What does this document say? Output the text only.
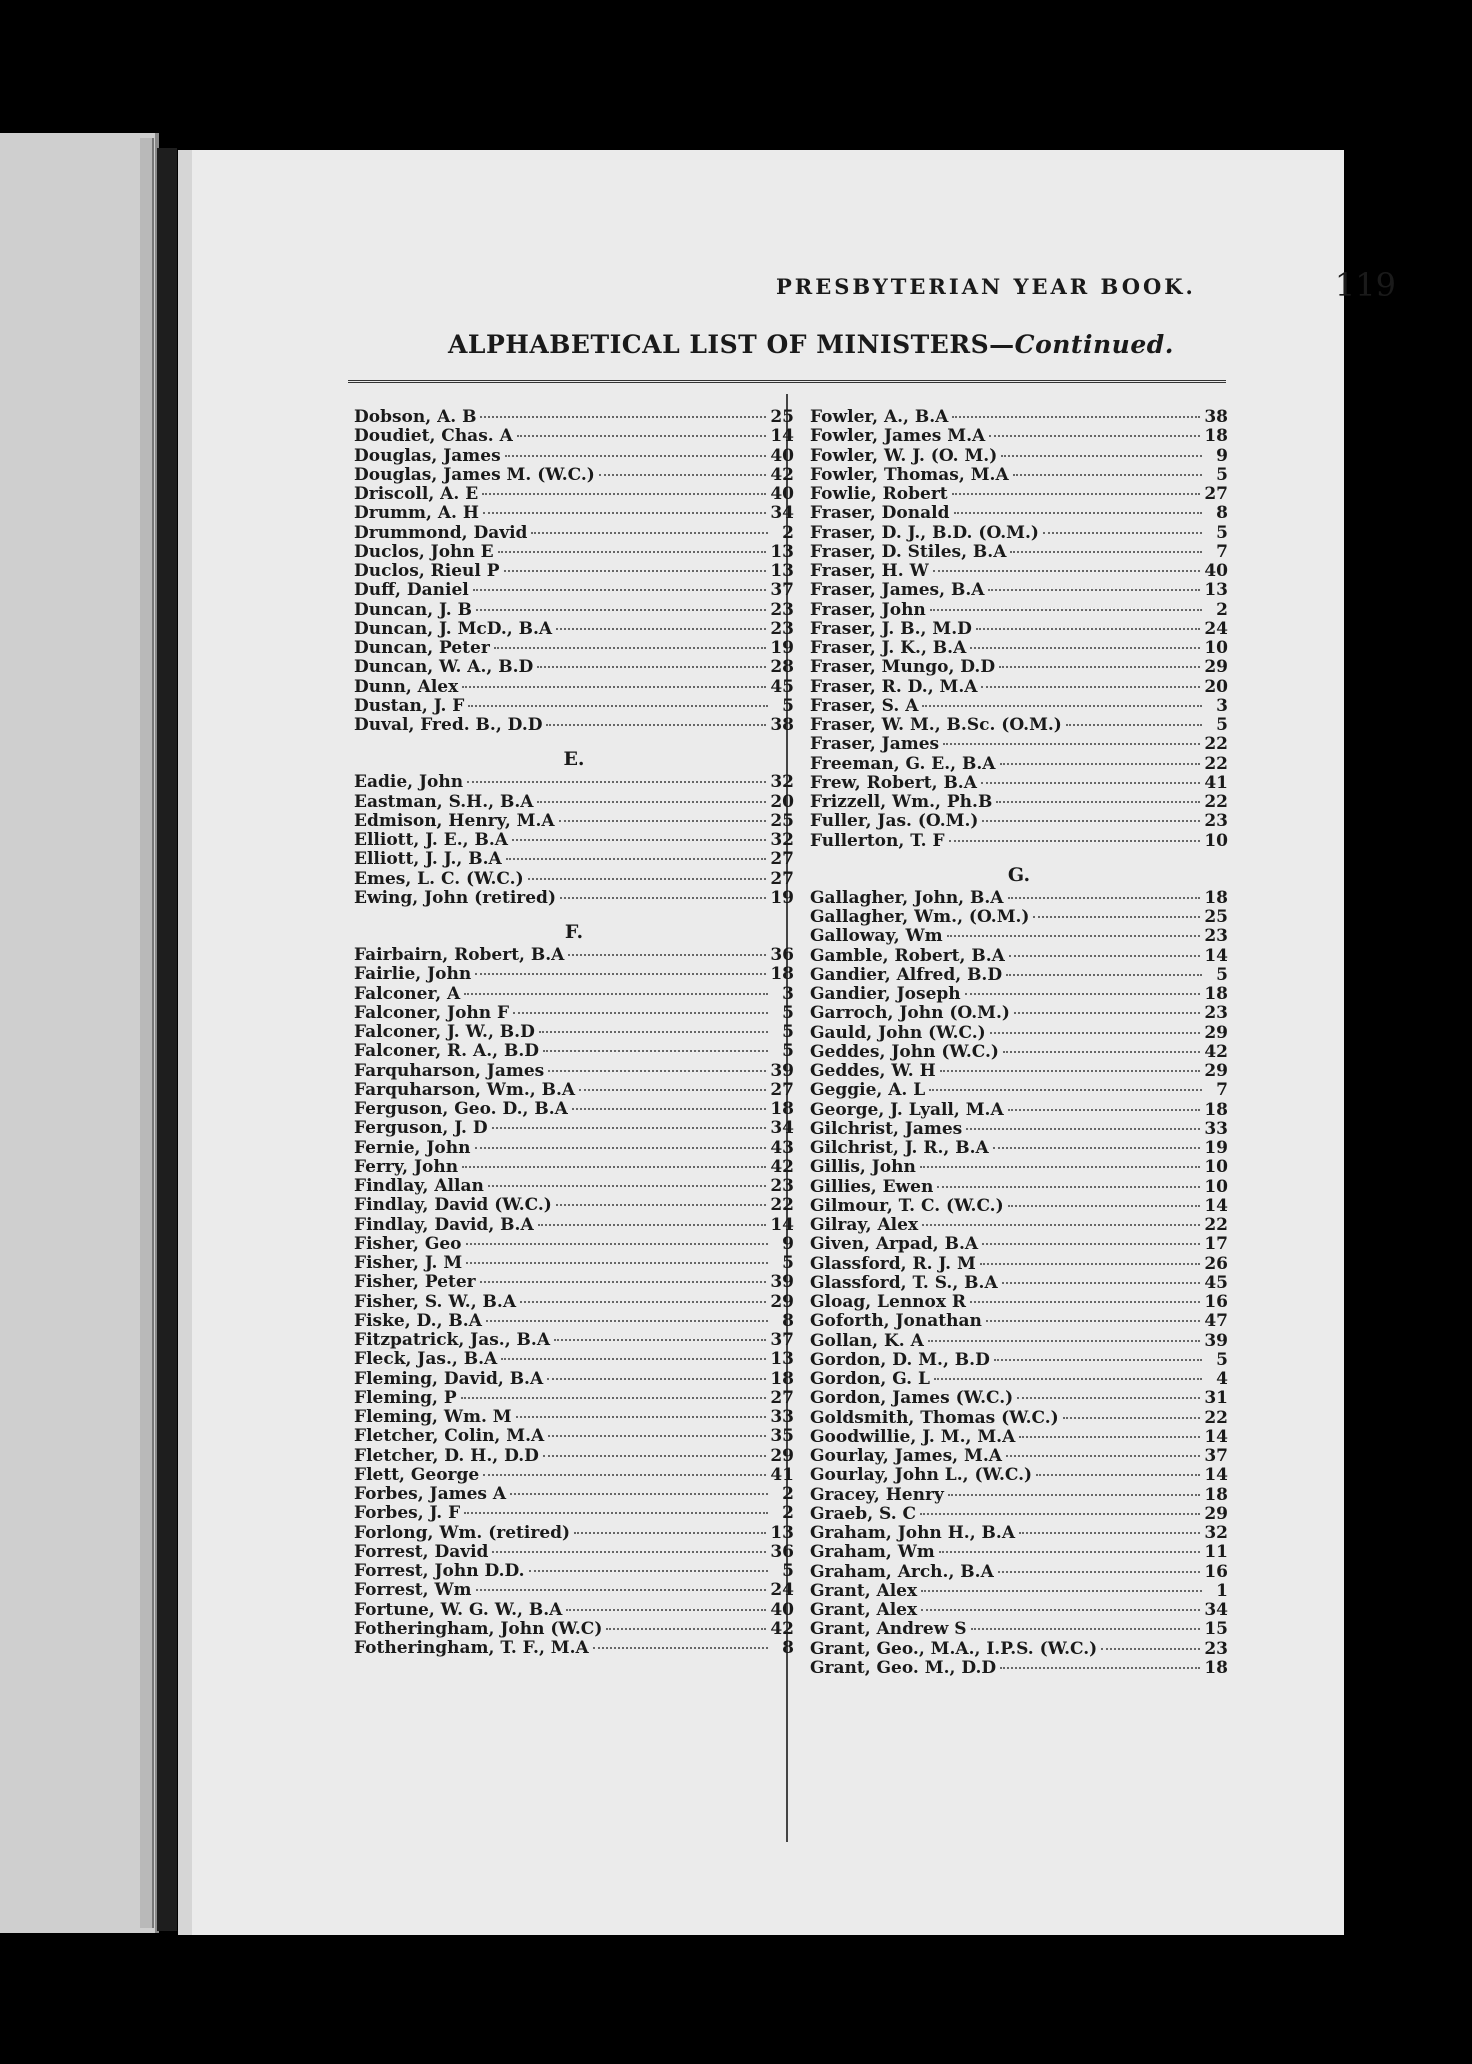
PRESBYTERIAN YEAR BOOK.	119
ALPHABETICAL LIST OF MINISTERS—Continued.
Dobson, A. B	25
Doudiet, Chas. A	14
Douglas, James	40
Douglas, James M. (W.C.)	42
Driscoll, A. E	40
Drumm, A. H	34
Drummond, David	2
Duclos, John E	13
Duclos, Rieul P	13
Duff, Daniel	37
Duncan, J. B	23
Duncan, J. McD., B.A	23
Duncan, Peter	19
Duncan, W. A., B.D	28
Dunn, Alex	45
Dustan, J. F	5
Duval, Fred. B., D.D	38
E.
Eadie, John	32
Eastman, S.H., B.A	20
Edmison, Henry, M.A	25
Elliott, J. E., B.A	32
Elliott, J. J., B.A	27
Emes, L. C. (W.C.)	27
Ewing, John (retired)	19
F.
Fairbairn, Robert, B.A	36
Fairlie, John	18
Falconer, A	3
Falconer, John F	5
Falconer, J. W., B.D	5
Falconer, R. A., B.D	5
Farquharson, James	39
Farquharson, Wm., B.A	27
Ferguson, Geo. D., B.A	18
Ferguson, J. D	34
Fernie, John	43
Ferry, John	42
Findlay, Allan	23
Findlay, David (W.C.)	22
Findlay, David, B.A	14
Fisher, Geo	9
Fisher, J. M	5
Fisher, Peter	39
Fisher, S. W., B.A	29
Fiske, D., B.A	8
Fitzpatrick, Jas., B.A	37
Fleck, Jas., B.A	13
Fleming, David, B.A	18
Fleming, P	27
Fleming, Wm. M	33
Fletcher, Colin, M.A	35
Fletcher, D. H., D.D	29
Flett, George	41
Forbes, James A	2
Forbes, J. F	2
Forlong, Wm. (retired)	13
Forrest, David	36
Forrest, John D.D.	5
Forrest, Wm	24
Fortune, W. G. W., B.A	40
Fotheringham, John (W.C)	42
Fotheringham, T. F., M.A	8
Fowler, A., B.A	38
Fowler, James M.A	18
Fowler, W. J. (O. M.)	9
Fowler, Thomas, M.A	5
Fowlie, Robert	27
Fraser, Donald	8
Fraser, D. J., B.D. (O.M.)	5
Fraser, D. Stiles, B.A	7
Fraser, H. W	40
Fraser, James, B.A	13
Fraser, John	2
Fraser, J. B., M.D	24
Fraser, J. K., B.A	10
Fraser, Mungo, D.D	29
Fraser, R. D., M.A	20
Fraser, S. A	3
Fraser, W. M., B.Sc. (O.M.)	5
Fraser, James	22
Freeman, G. E., B.A	22
Frew, Robert, B.A	41
Frizzell, Wm., Ph.B	22
Fuller, Jas. (O.M.)	23
Fullerton, T. F	10
G.
Gallagher, John, B.A	18
Gallagher, Wm., (O.M.)	25
Galloway, Wm	23
Gamble, Robert, B.A	14
Gandier, Alfred, B.D	5
Gandier, Joseph	18
Garroch, John (O.M.)	23
Gauld, John (W.C.)	29
Geddes, John (W.C.)	42
Geddes, W. H	29
Geggie, A. L	7
George, J. Lyall, M.A	18
Gilchrist, James	33
Gilchrist, J. R., B.A	19
Gillis, John	10
Gillies, Ewen	10
Gilmour, T. C. (W.C.)	14
Gilray, Alex	22
Given, Arpad, B.A	17
Glassford, R. J. M	26
Glassford, T. S., B.A	45
Gloag, Lennox R	16
Goforth, Jonathan	47
Gollan, K. A	39
Gordon, D. M., B.D	5
Gordon, G. L	4
Gordon, James (W.C.)	31
Goldsmith, Thomas (W.C.)	22
Goodwillie, J. M., M.A	14
Gourlay, James, M.A	37
Gourlay, John L., (W.C.)	14
Gracey, Henry	18
Graeb, S. C	29
Graham, John H., B.A	32
Graham, Wm	11
Graham, Arch., B.A	16
Grant, Alex	1
Grant, Alex	34
Grant, Andrew S	15
Grant, Geo., M.A., I.P.S. (W.C.)	23
Grant, Geo. M., D.D	18
